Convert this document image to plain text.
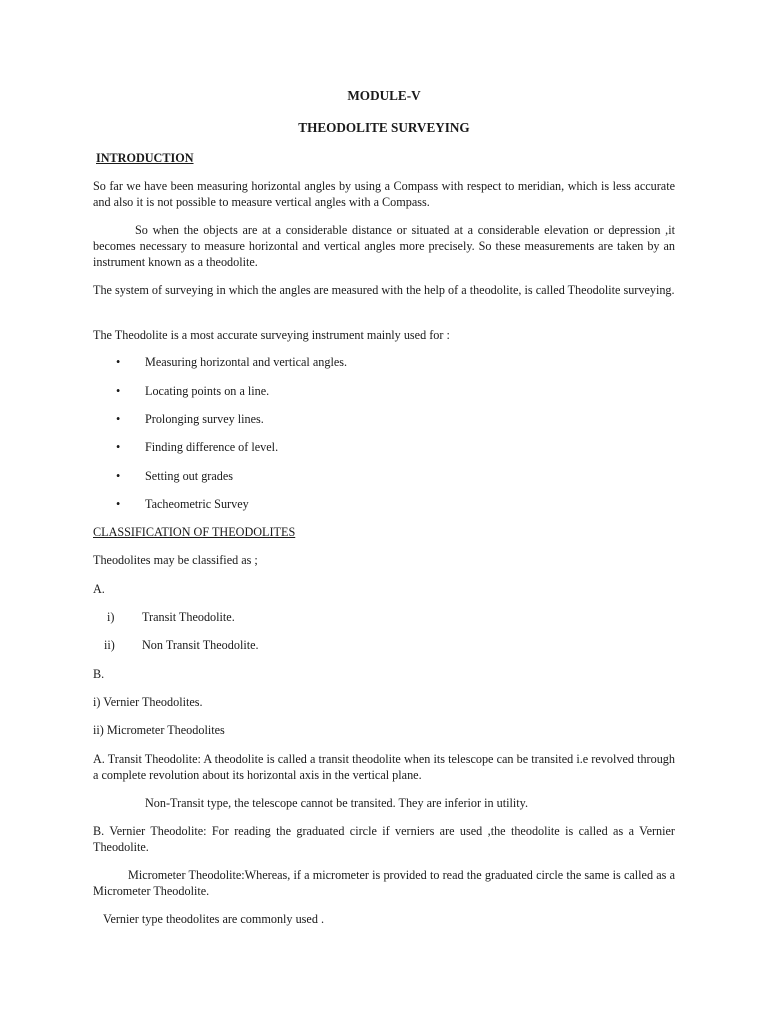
MODULE-V
THEODOLITE SURVEYING
INTRODUCTION

So far we have been measuring horizontal angles by using a Compass with respect to meridian, which is less accurate and also it is not possible to measure vertical angles with a Compass.

So when the objects are at a considerable distance or situated at a considerable elevation or depression ,it becomes necessary to measure horizontal and vertical angles more precisely. So these measurements are taken by an instrument known as a theodolite.

The system of surveying in which the angles are measured with the help of a theodolite, is called Theodolite surveying.

The Theodolite is a most accurate surveying instrument mainly used for :

• Measuring horizontal and vertical angles.
• Locating points on a line.
• Prolonging survey lines.
• Finding difference of level.
• Setting out grades
• Tacheometric Survey
CLASSIFICATION OF THEODOLITES
Theodolites may be classified as ;
A.
i) Transit Theodolite.
ii) Non Transit Theodolite.
B.
i) Vernier Theodolites.
ii) Micrometer Theodolites

A. Transit Theodolite: A theodolite is called a transit theodolite when its telescope can be transited i.e revolved through a complete revolution about its horizontal axis in the vertical plane.

Non-Transit type, the telescope cannot be transited. They are inferior in utility.

B. Vernier Theodolite: For reading the graduated circle if verniers are used ,the theodolite is called as a Vernier Theodolite.

Micrometer Theodolite:Whereas, if a micrometer is provided to read the graduated circle the same is called as a Micrometer Theodolite.

Vernier type theodolites are commonly used .
